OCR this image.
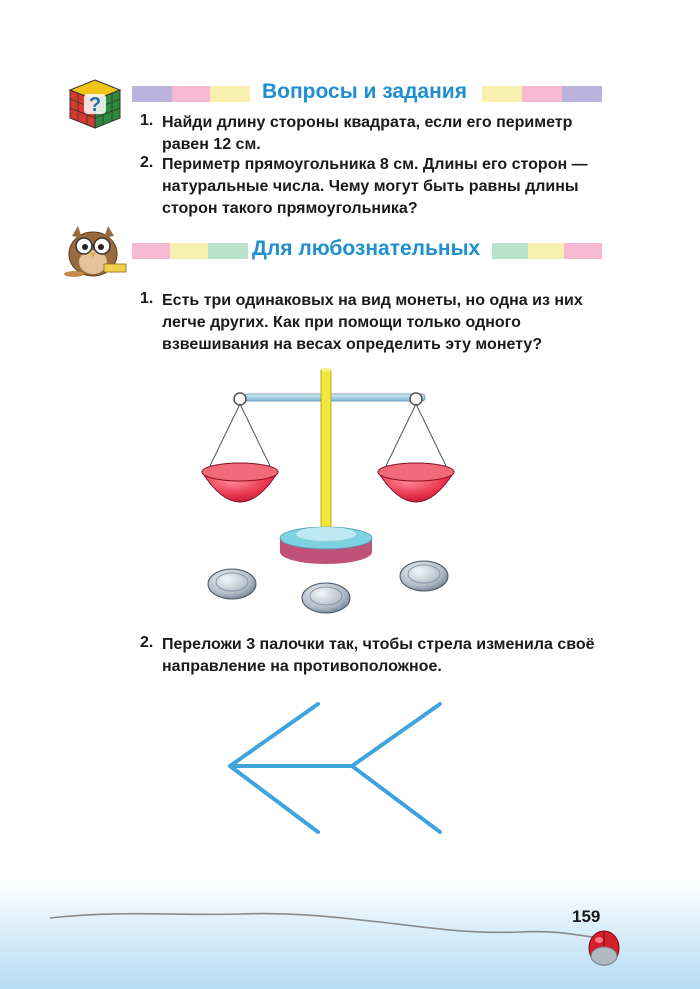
?
Вопросы и задания
1. Найди длину стороны квадрата, если его периметр равен 12 см.
2. Периметр прямоугольника 8 см. Длины его сторон — натуральные числа. Чему могут быть равны длины сторон такого прямоугольника?
Для любознательных
1. Есть три одинаковых на вид монеты, но одна из них легче других. Как при помощи только одного взвешивания на весах определить эту монету?
2. Переложи 3 палочки так, чтобы стрела изменила своё направление на противоположное.
159
